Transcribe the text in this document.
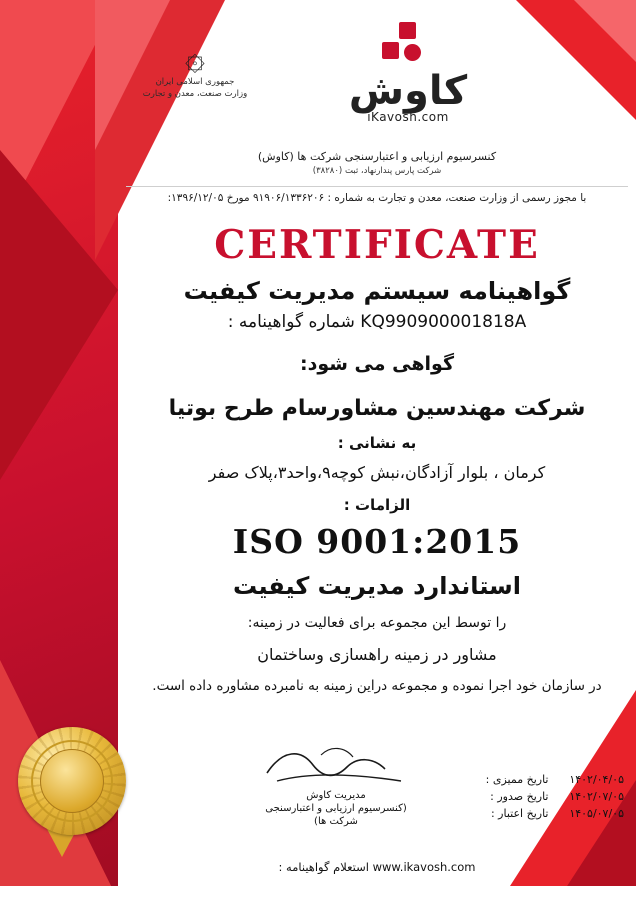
کاوش
iKavosh.com
۞
جمهوری اسلامی ایران
وزارت صنعت، معدن و تجارت
کنسرسیوم ارزیابی و اعتبارسنجی شرکت ها (کاوش)
شرکت پارس پندارنهاد، ثبت (۳۸۲۸۰)
با مجوز رسمی از وزارت صنعت، معدن و تجارت به شماره : ۹۱۹۰۶/۱۳۳۶۲۰۶ مورخ ۱۳۹۶/۱۲/۰۵:
CERTIFICATE
گواهینامه سیستم مدیریت کیفیت
KQ990900001818A شماره گواهینامه :
گواهی می شود:
شرکت مهندسین مشاورسام طرح بوتیا
به نشانی :
کرمان ، بلوار آزادگان،نبش کوچه۹،واحد۳،پلاک صفر
الزامات :
ISO 9001:2015
استاندارد مدیریت کیفیت
را توسط این مجموعه برای فعالیت در زمینه:
مشاور در زمینه راهسازی وساختمان
در سازمان خود اجرا نموده و مجموعه دراین زمینه به نامبرده مشاوره داده است.
مدیریت کاوش
(کنسرسیوم ارزیابی و اعتبارسنجی شرکت ها)
۱۴۰۲/۰۴/۰۵ تاریخ ممیزی :
۱۴۰۲/۰۷/۰۵ تاریخ صدور :
۱۴۰۵/۰۷/۰۵ تاریخ اعتبار :
www.ikavosh.com استعلام گواهینامه :
